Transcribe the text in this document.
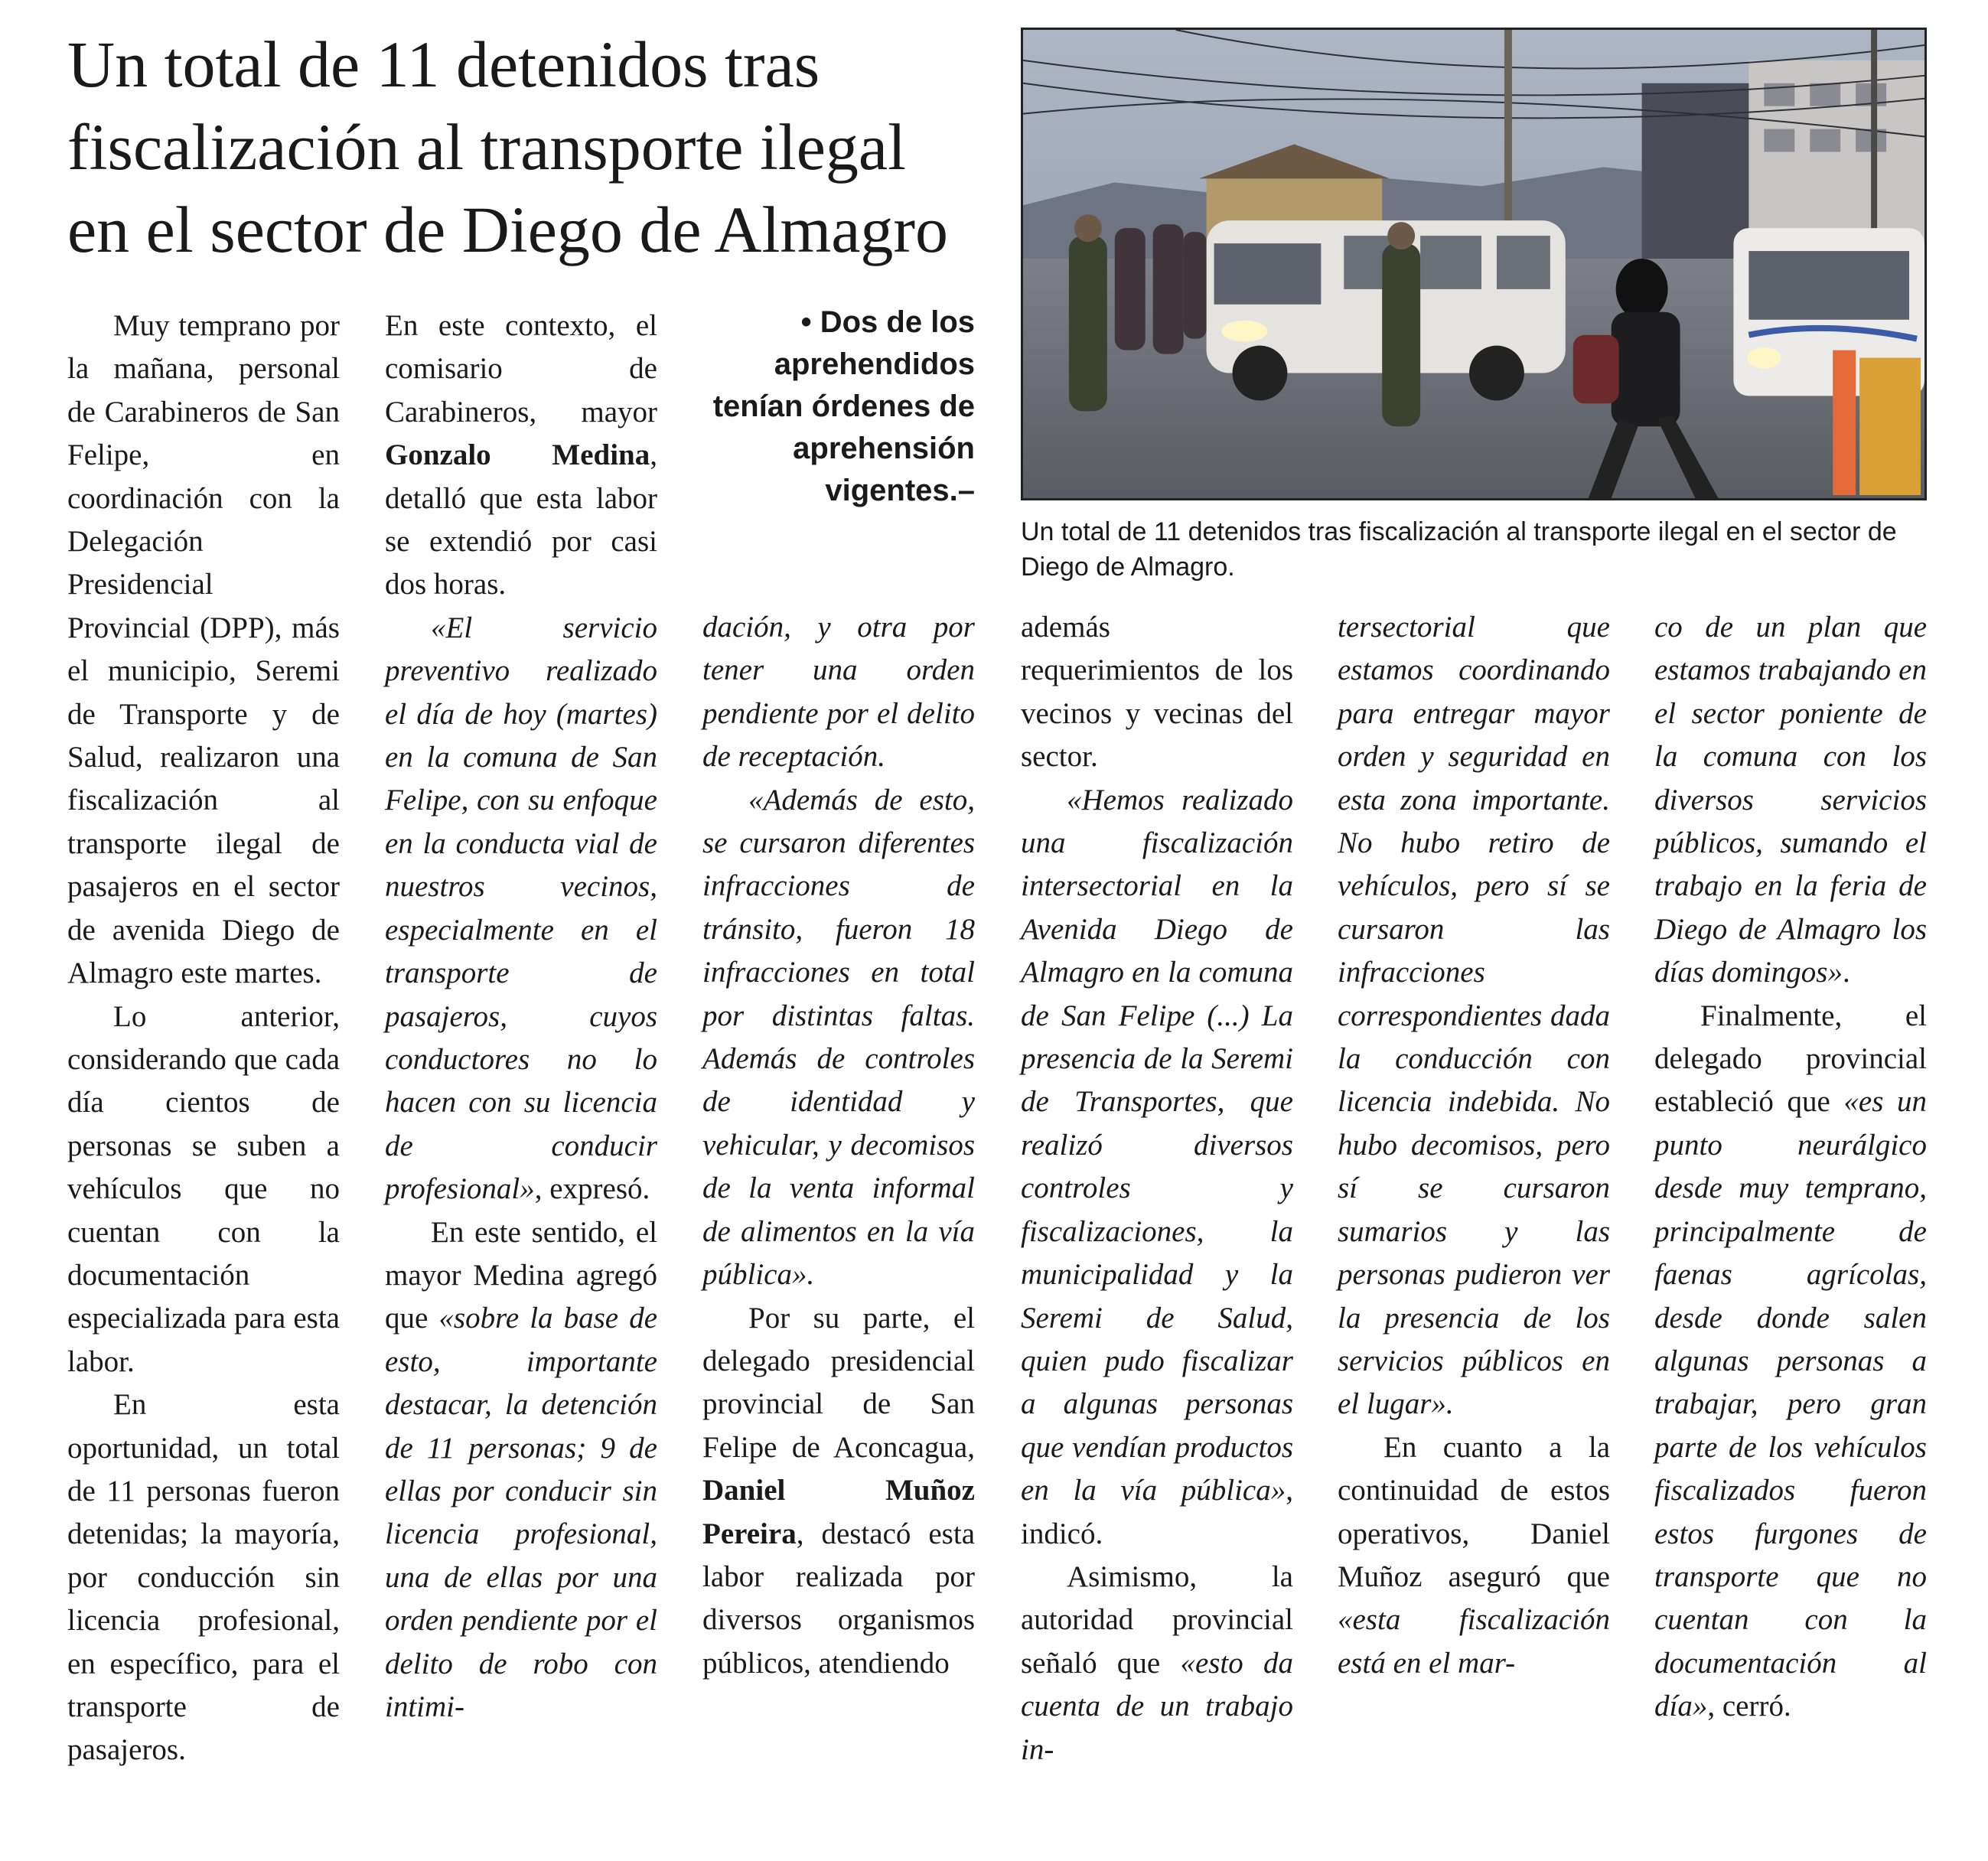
Un total de 11 detenidos tras fiscalización al transporte ilegal en el sector de Diego de Almagro
Un total de 11 detenidos tras fiscalización al transporte ilegal en el sector de Diego de Almagro.
• Dos de los aprehendidos tenían órdenes de aprehensión vigentes.–

Muy temprano por la mañana, personal de Carabineros de San Felipe, en coordinación con la Delegación Presidencial Provincial (DPP), más el municipio, Seremi de Transporte y de Salud, realizaron una fiscalización al transporte ilegal de pasajeros en el sector de avenida Diego de Almagro este martes.

Lo anterior, considerando que cada día cientos de personas se suben a vehículos que no cuentan con la documentación especializada para esta labor.

En esta oportunidad, un total de 11 personas fueron detenidas; la mayoría, por conducción sin licencia profesional, en específico, para el transporte de pasajeros.

En este contexto, el comisario de Carabineros, mayor Gonzalo Medina, detalló que esta labor se extendió por casi dos horas.

«El servicio preventivo realizado el día de hoy (martes) en la comuna de San Felipe, con su enfoque en la conducta vial de nuestros vecinos, especialmente en el transporte de pasajeros, cuyos conductores no lo hacen con su licencia de conducir profesional», expresó.

En este sentido, el mayor Medina agregó que «sobre la base de esto, importante destacar, la detención de 11 personas; 9 de ellas por conducir sin licencia profesional, una de ellas por una orden pendiente por el delito de robo con intimi-

dación, y otra por tener una orden pendiente por el delito de receptación.

«Además de esto, se cursaron diferentes infracciones de tránsito, fueron 18 infracciones en total por distintas faltas. Además de controles de identidad y vehicular, y decomisos de la venta informal de alimentos en la vía pública».

Por su parte, el delegado presidencial provincial de San Felipe de Aconcagua, Daniel Muñoz Pereira, destacó esta labor realizada por diversos organismos públicos, atendiendo

además requerimientos de los vecinos y vecinas del sector.

«Hemos realizado una fiscalización intersectorial en la Avenida Diego de Almagro en la comuna de San Felipe (...) La presencia de la Seremi de Transportes, que realizó diversos controles y fiscalizaciones, la municipalidad y la Seremi de Salud, quien pudo fiscalizar a algunas personas que vendían productos en la vía pública», indicó.

Asimismo, la autoridad provincial señaló que «esto da cuenta de un trabajo in-

tersectorial que estamos coordinando para entregar mayor orden y seguridad en esta zona importante. No hubo retiro de vehículos, pero sí se cursaron las infracciones correspondientes dada la conducción con licencia indebida. No hubo decomisos, pero sí se cursaron sumarios y las personas pudieron ver la presencia de los servicios públicos en el lugar».

En cuanto a la continuidad de estos operativos, Daniel Muñoz aseguró que «esta fiscalización está en el mar-

co de un plan que estamos trabajando en el sector poniente de la comuna con los diversos servicios públicos, sumando el trabajo en la feria de Diego de Almagro los días domingos».

Finalmente, el delegado provincial estableció que «es un punto neurálgico desde muy temprano, principalmente de faenas agrícolas, desde donde salen algunas personas a trabajar, pero gran parte de los vehículos fiscalizados fueron estos furgones de transporte que no cuentan con la documentación al día», cerró.
